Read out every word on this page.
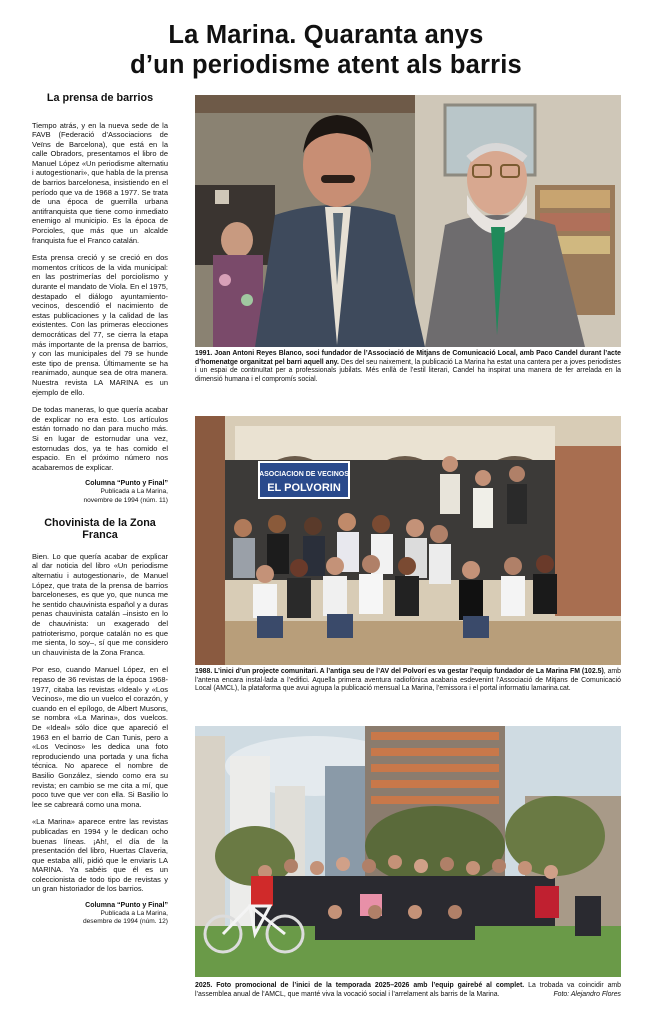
La Marina. Quaranta anys
d’un periodisme atent als barris
La prensa de barrios

Tiempo atrás, y en la nueva sede de la FAVB (Federació d’Associacions de Veïns de Barcelona), que está en la calle Obradors, presentamos el libro de Manuel López «Un periodisme alternatiu i autogestionari», que habla de la prensa de barrios barcelonesa, insistiendo en el período que va de 1968 a 1977. Se trata de una época de guerrilla urbana antifranquista que tiene como inmediato enemigo al municipio. Es la época de Porcioles, que más que un alcalde franquista fue el Franco catalán.

Esta prensa creció y se creció en dos momentos críticos de la vida municipal: en las postrimerías del porciolismo y durante el mandato de Viola. En el 1975, destapado el diálogo ayuntamiento-vecinos, descendió el nacimiento de estas publicaciones y la calidad de las existentes. Con las primeras elecciones democráticas del 77, se cierra la etapa más importante de la prensa de barrios, y con las municipales del 79 se hunde este tipo de prensa. Últimamente se ha reanimado, aunque sea de otra manera. Nuestra revista LA MARINA es un ejemplo de ello.

De todas maneras, lo que quería acabar de explicar no era esto. Los artículos están tornado no dan para mucho más. Si en lugar de estornudar una vez, estornudas dos, ya te has comido el espacio. En el próximo número nos acabaremos de explicar.

Columna “Punto y Final”
Publicada a La Marina,
novembre de 1994 (núm. 11)
Chovinista de la Zona Franca

Bien. Lo que quería acabar de explicar al dar noticia del libro «Un periodisme alternatiu i autogestionari», de Manuel López, que trata de la prensa de barrios barceloneses, es que yo, que nunca me he sentido chauvinista español y a duras penas chauvinista catalán –insisto en lo de chauvinista: un exagerado del patrioterismo, porque catalán no es que me sienta, lo soy–, sí que me considero un chauvinista de la Zona Franca.

Por eso, cuando Manuel López, en el repaso de 36 revistas de la época 1968-1977, citaba las revistas «Ideal» y «Los Vecinos», me dio un vuelco el corazón, y cuando en el epílogo, de Albert Musons, se nombra «La Marina», dos vuelcos. De «Ideal» sólo dice que apareció el 1963 en el barrio de Can Tunis, pero a «Los Vecinos» les dedica una foto reproduciendo una portada y una ficha técnica. No aparece el nombre de Basilio González, siendo como era su revista; en cambio se me cita a mí, que poco tuve que ver con ella. Si Basilio lo lee se cabreará como una mona.

«La Marina» aparece entre las revistas publicadas en 1994 y le dedican ocho buenas líneas. ¡Ah!, el día de la presentación del libro, Huertas Claveria, que estaba allí, pidió que le enviaris LA MARINA. Ya sabéis que él es un coleccionista de todo tipo de revistas y un gran historiador de los barrios.

Columna “Punto y Final”
Publicada a La Marina,
desembre de 1994 (núm. 12)
1991. Joan Antoni Reyes Blanco, soci fundador de l’Associació de Mitjans de Comunicació Local, amb Paco Candel durant l’acte d’homenatge organitzat pel barri aquell any. Des del seu naixement, la publicació La Marina ha estat una cantera per a joves periodistes i un espai de continuïtat per a professionals jubilats. Més enllà de l’estil literari, Candel ha inspirat una manera de fer arrelada en la dimensió humana i el compromís social.
ASOCIACION DE VECINOS
EL POLVORIN
1988. L’inici d’un projecte comunitari. A l’antiga seu de l’AV del Polvorí es va gestar l’equip fundador de La Marina FM (102.5), amb l’antena encara instal·lada a l’edifici. Aquella primera aventura radiofònica acabaria esdevenint l’Associació de Mitjans de Comunicació Local (AMCL), la plataforma que avui agrupa la publicació mensual La Marina, l’emissora i el portal informatiu lamarina.cat.
2025. Foto promocional de l’inici de la temporada 2025–2026 amb l’equip gairebé al complet. La trobada va coincidir amb l’assemblea anual de l’AMCL, que manté viva la vocació social i l’arrelament als barris de la Marina.	Foto: Alejandro Flores
